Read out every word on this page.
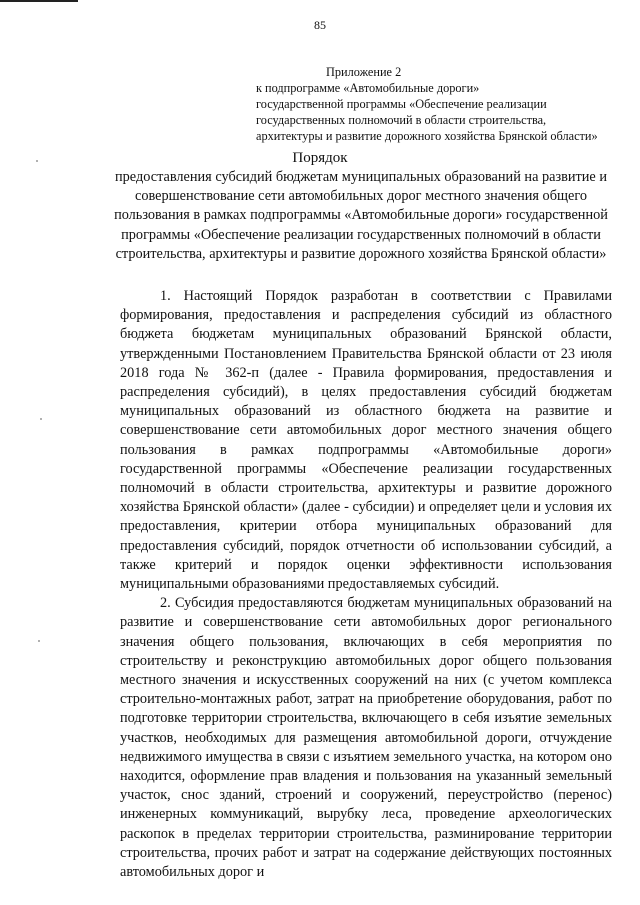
85
Приложение 2
к подпрограмме «Автомобильные дороги»
государственной программы «Обеспечение реализации
государственных полномочий в области строительства,
архитектуры и развитие дорожного хозяйства Брянской области»
Порядок
предоставления субсидий бюджетам муниципальных образований на развитие и совершенствование сети автомобильных дорог местного значения общего пользования в рамках подпрограммы «Автомобильные дороги» государственной программы «Обеспечение реализации государственных полномочий в области строительства, архитектуры и развитие дорожного хозяйства Брянской области»

1. Настоящий Порядок разработан в соответствии с Правилами формирования, предоставления и распределения субсидий из областного бюджета бюджетам муниципальных образований Брянской области, утвержденными Постановлением Правительства Брянской области от 23 июля 2018 года № 362-п (далее - Правила формирования, предоставления и распределения субсидий), в целях предоставления субсидий бюджетам муниципальных образований из областного бюджета на развитие и совершенствование сети автомобильных дорог местного значения общего пользования в рамках подпрограммы «Автомобильные дороги» государственной программы «Обеспечение реализации государственных полномочий в области строительства, архитектуры и развитие дорожного хозяйства Брянской области» (далее - субсидии) и определяет цели и условия их предоставления, критерии отбора муниципальных образований для предоставления субсидий, порядок отчетности об использовании субсидий, а также критерий и порядок оценки эффективности использования муниципальными образованиями предоставляемых субсидий.

2. Субсидия предоставляются бюджетам муниципальных образований на развитие и совершенствование сети автомобильных дорог регионального значения общего пользования, включающих в себя мероприятия по строительству и реконструкцию автомобильных дорог общего пользования местного значения и искусственных сооружений на них (с учетом комплекса строительно-монтажных работ, затрат на приобретение оборудования, работ по подготовке территории строительства, включающего в себя изъятие земельных участков, необходимых для размещения автомобильной дороги, отчуждение недвижимого имущества в связи с изъятием земельного участка, на котором оно находится, оформление прав владения и пользования на указанный земельный участок, снос зданий, строений и сооружений, переустройство (перенос) инженерных коммуникаций, вырубку леса, проведение археологических раскопок в пределах территории строительства, разминирование территории строительства, прочих работ и затрат на содержание действующих постоянных автомобильных дорог и
